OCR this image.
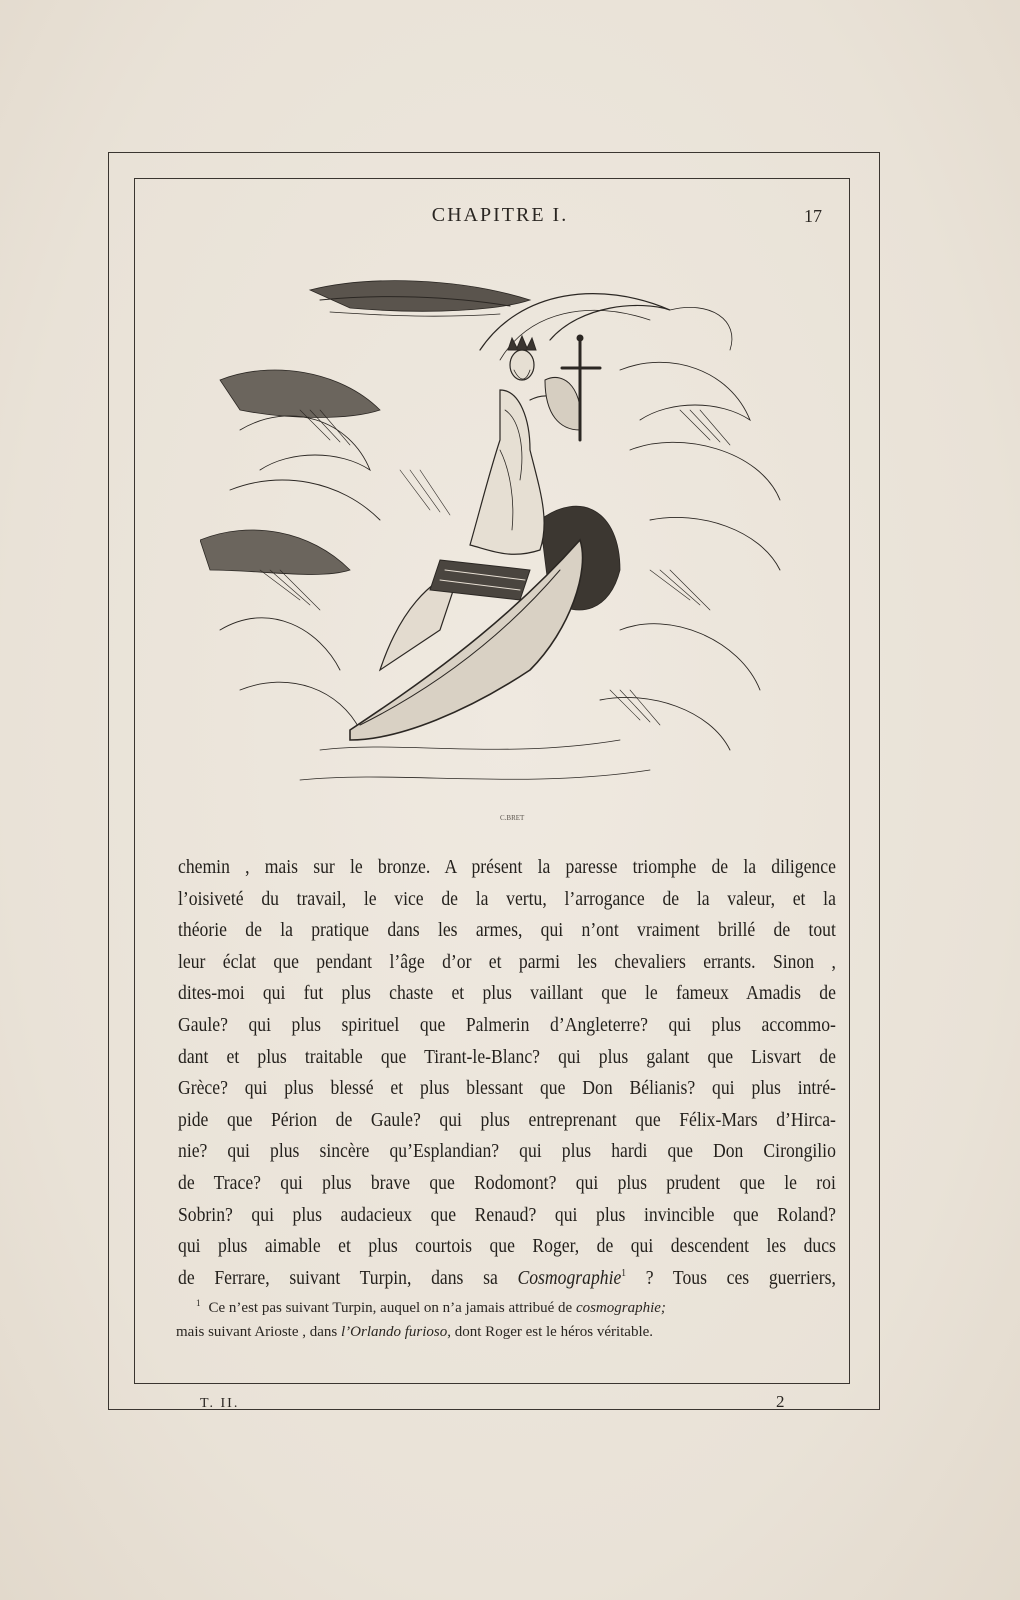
CHAPITRE I.	17
C.BRET
chemin , mais sur le bronze. A présent la paresse triomphe de la diligence
l’oisiveté du travail, le vice de la vertu, l’arrogance de la valeur, et la
théorie de la pratique dans les armes, qui n’ont vraiment brillé de tout
leur éclat que pendant l’âge d’or et parmi les chevaliers errants. Sinon ,
dites-moi qui fut plus chaste et plus vaillant que le fameux Amadis de
Gaule? qui plus spirituel que Palmerin d’Angleterre? qui plus accommo-
dant et plus traitable que Tirant-le-Blanc? qui plus galant que Lisvart de
Grèce? qui plus blessé et plus blessant que Don Bélianis? qui plus intré-
pide que Périon de Gaule? qui plus entreprenant que Félix-Mars d’Hirca-
nie? qui plus sincère qu’Esplandian? qui plus hardi que Don Cirongilio
de Trace? qui plus brave que Rodomont? qui plus prudent que le roi
Sobrin? qui plus audacieux que Renaud? qui plus invincible que Roland?
qui plus aimable et plus courtois que Roger, de qui descendent les ducs
de Ferrare, suivant Turpin, dans sa Cosmographie$^1$ ? Tous ces guerriers,
$^1$ Ce n’est pas suivant Turpin, auquel on n’a jamais attribué de cosmographie;
mais suivant Arioste , dans l’Orlando furioso, dont Roger est le héros véritable.
T. II.	2
